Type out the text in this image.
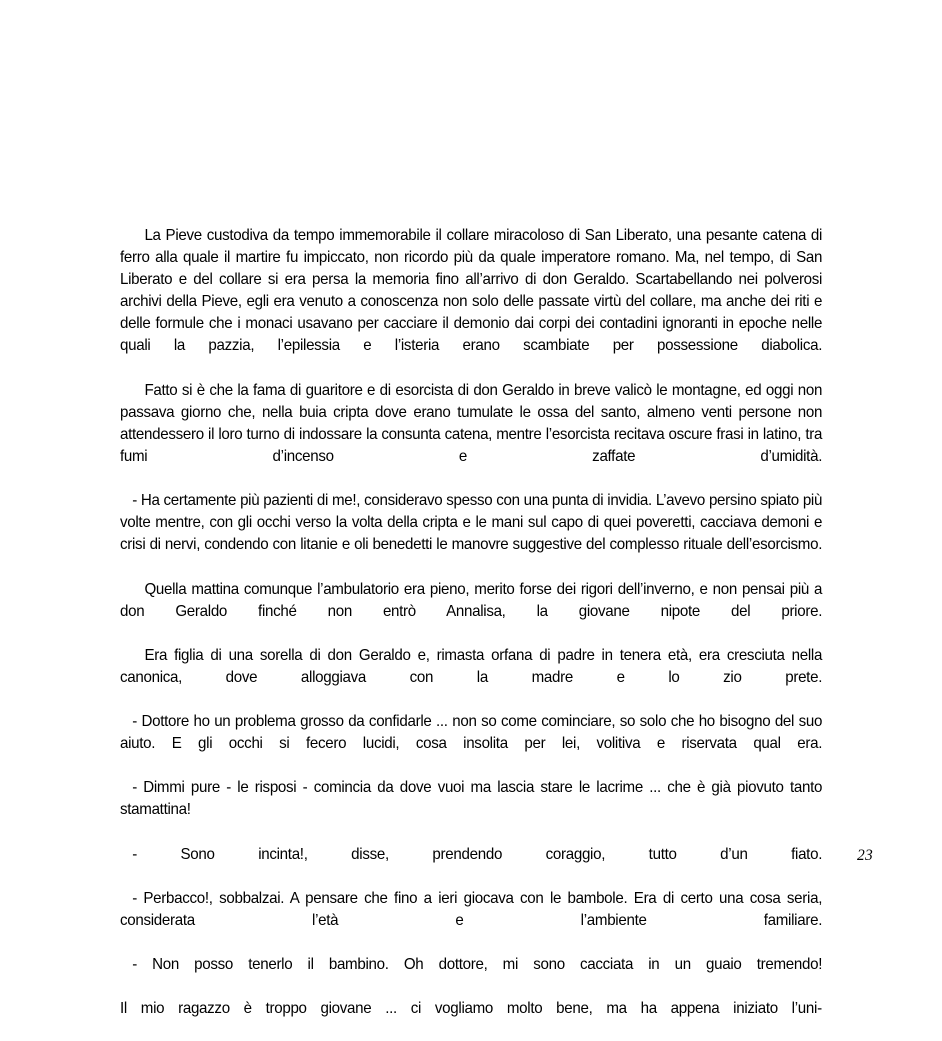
La Pieve custodiva da tempo immemorabile il collare miracoloso di San Liberato, una pesante catena di ferro alla quale il martire fu impiccato, non ricordo più da quale imperatore romano. Ma, nel tempo, di San Liberato e del collare si era persa la memoria fino all’arrivo di don Geraldo. Scartabellando nei polverosi archivi della Pieve, egli era venuto a conoscenza non solo delle passate virtù del collare, ma anche dei riti e delle formule che i monaci usavano per cacciare il demonio dai corpi dei contadini ignoranti in epoche nelle quali la pazzia, l’epilessia e l’isteria erano scambiate per possessione diabolica.

Fatto si è che la fama di guaritore e di esorcista di don Geraldo in breve valicò le montagne, ed oggi non passava giorno che, nella buia cripta dove erano tumulate le ossa del santo, almeno venti persone non attendessero il loro turno di indossare la consunta catena, mentre l’esorcista recitava oscure frasi in latino, tra fumi d’incenso e zaffate d’umidità.

- Ha certamente più pazienti di me!, consideravo spesso con una punta di invidia. L’avevo persino spiato più volte mentre, con gli occhi verso la volta della cripta e le mani sul capo di quei poveretti, cacciava demoni e crisi di nervi, condendo con litanie e oli benedetti le manovre suggestive del complesso rituale dell’esorcismo.

Quella mattina comunque l’ambulatorio era pieno, merito forse dei rigori dell’inverno, e non pensai più a don Geraldo finché non entrò Annalisa, la giovane nipote del priore.

Era figlia di una sorella di don Geraldo e, rimasta orfana di padre in tenera età, era cresciuta nella canonica, dove alloggiava con la madre e lo zio prete.

- Dottore ho un problema grosso da confidarle ... non so come cominciare, so solo che ho bisogno del suo aiuto. E gli occhi si fecero lucidi, cosa insolita per lei, volitiva e riservata qual era.

- Dimmi pure - le risposi - comincia da dove vuoi ma lascia stare le lacrime ... che è già piovuto tanto stamattina!

- Sono incinta!, disse, prendendo coraggio, tutto d’un fiato.

- Perbacco!, sobbalzai. A pensare che fino a ieri giocava con le bambole. Era di certo una cosa seria, considerata l’età e l’ambiente familiare.

- Non posso tenerlo il bambino. Oh dottore, mi sono cacciata in un guaio tremendo!

Il mio ragazzo è troppo giovane ... ci vogliamo molto bene, ma ha appena iniziato l’uni

23
